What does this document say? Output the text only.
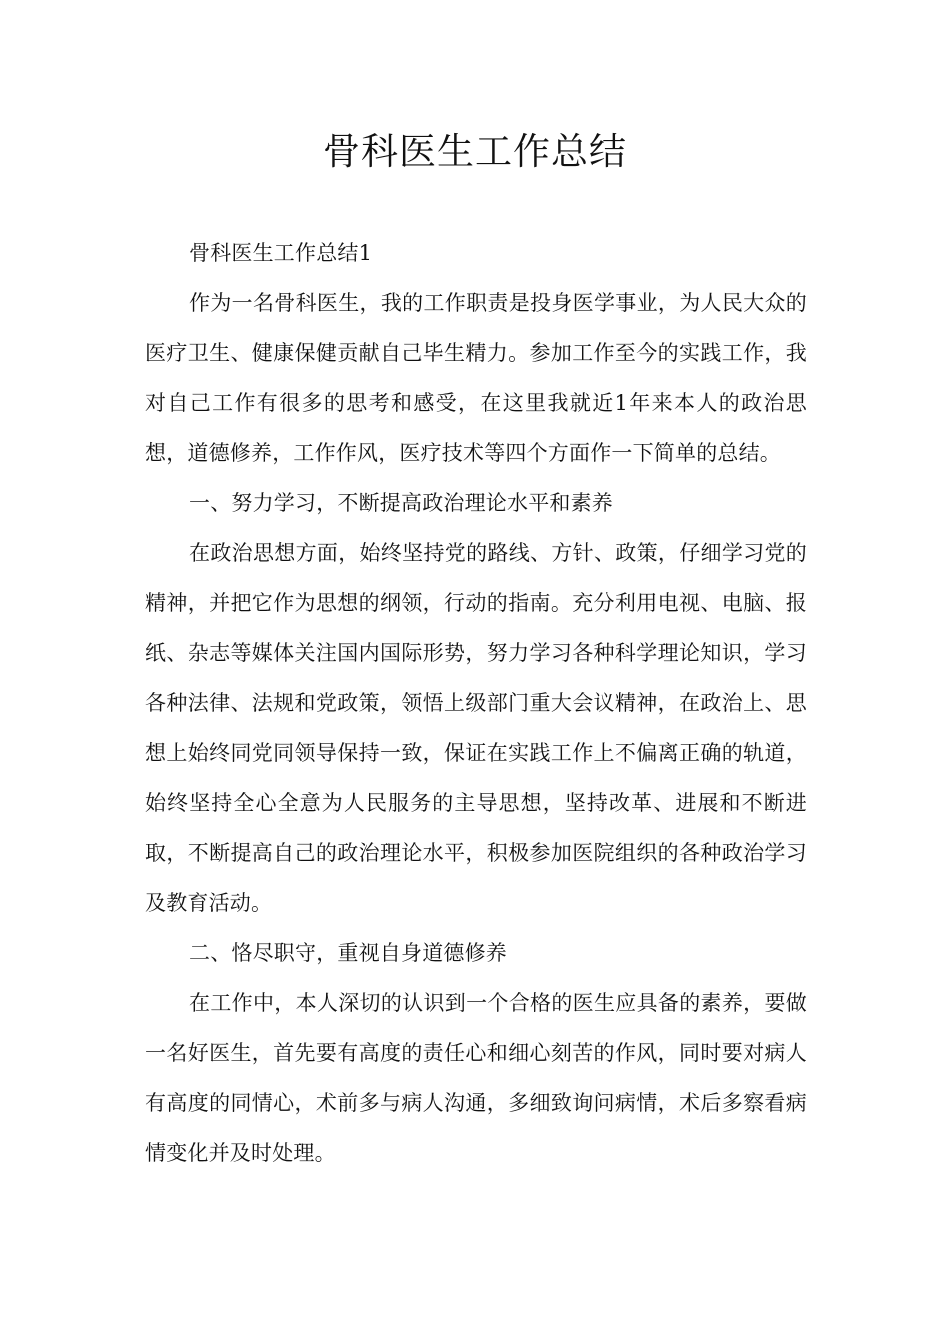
骨科医生工作总结

骨科医生工作总结1

作为一名骨科医生，我的工作职责是投身医学事业，为人民大众的医疗卫生、健康保健贡献自己毕生精力。参加工作至今的实践工作，我对自己工作有很多的思考和感受，在这里我就近1年来本人的政治思想，道德修养，工作作风，医疗技术等四个方面作一下简单的总结。

一、努力学习，不断提高政治理论水平和素养

在政治思想方面，始终坚持党的路线、方针、政策，仔细学习党的精神，并把它作为思想的纲领，行动的指南。充分利用电视、电脑、报纸、杂志等媒体关注国内国际形势，努力学习各种科学理论知识，学习各种法律、法规和党政策，领悟上级部门重大会议精神，在政治上、思想上始终同党同领导保持一致，保证在实践工作上不偏离正确的轨道，始终坚持全心全意为人民服务的主导思想，坚持改革、进展和不断进取，不断提高自己的政治理论水平，积极参加医院组织的各种政治学习及教育活动。

二、恪尽职守，重视自身道德修养

在工作中，本人深切的认识到一个合格的医生应具备的素养，要做一名好医生，首先要有高度的责任心和细心刻苦的作风，同时要对病人有高度的同情心，术前多与病人沟通，多细致询问病情，术后多察看病情变化并及时处理。
